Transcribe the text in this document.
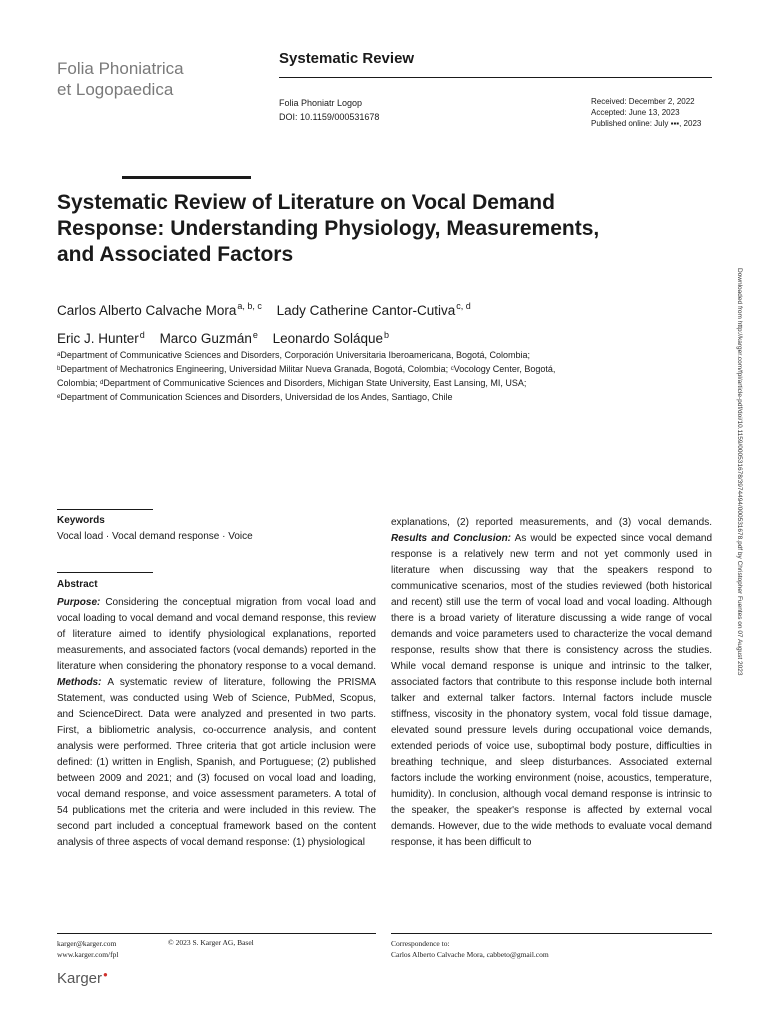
Folia Phoniatrica
et Logopaedica
Systematic Review
Folia Phoniatr Logop
DOI: 10.1159/000531678
Received: December 2, 2022
Accepted: June 13, 2023
Published online: July ▪▪▪, 2023
Systematic Review of Literature on Vocal Demand Response: Understanding Physiology, Measurements, and Associated Factors
Carlos Alberto Calvache Mora$^{a, b, c}$ Lady Catherine Cantor-Cutiva$^{c, d}$
Eric J. Hunter$^d$ Marco Guzmán$^e$ Leonardo Soláque$^b$
ᵃDepartment of Communicative Sciences and Disorders, Corporación Universitaria Iberoamericana, Bogotá, Colombia; ᵇDepartment of Mechatronics Engineering, Universidad Militar Nueva Granada, Bogotá, Colombia; ᶜVocology Center, Bogotá, Colombia; ᵈDepartment of Communicative Sciences and Disorders, Michigan State University, East Lansing, MI, USA; ᵉDepartment of Communication Sciences and Disorders, Universidad de los Andes, Santiago, Chile	Downloaded from http://karger.com/fpl/article-pdf/doi/10.1159/000531678/3974494/000531678.pdf by Christopher Fuentes on 07 August 2023
Keywords
Vocal load · Vocal demand response · Voice
Abstract
Purpose: Considering the conceptual migration from vocal load and vocal loading to vocal demand and vocal demand response, this review of literature aimed to identify physiological explanations, reported measurements, and associated factors (vocal demands) reported in the literature when considering the phonatory response to a vocal demand. Methods: A systematic review of literature, following the PRISMA Statement, was conducted using Web of Science, PubMed, Scopus, and ScienceDirect. Data were analyzed and presented in two parts. First, a bibliometric analysis, co-occurrence analysis, and content analysis were performed. Three criteria that got article inclusion were defined: (1) written in English, Spanish, and Portuguese; (2) published between 2009 and 2021; and (3) focused on vocal load and loading, vocal demand response, and voice assessment parameters. A total of 54 publications met the criteria and were included in this review. The second part included a conceptual framework based on the content analysis of three aspects of vocal demand response: (1) physiological
explanations, (2) reported measurements, and (3) vocal demands. Results and Conclusion: As would be expected since vocal demand response is a relatively new term and not yet commonly used in literature when discussing way that the speakers respond to communicative scenarios, most of the studies reviewed (both historical and recent) still use the term of vocal load and vocal loading. Although there is a broad variety of literature discussing a wide range of vocal demands and voice parameters used to characterize the vocal demand response, results show that there is consistency across the studies. While vocal demand response is unique and intrinsic to the talker, associated factors that contribute to this response include both internal talker and external talker factors. Internal factors include muscle stiffness, viscosity in the phonatory system, vocal fold tissue damage, elevated sound pressure levels during occupational voice demands, extended periods of voice use, suboptimal body posture, difficulties in breathing technique, and sleep disturbances. Associated external factors include the working environment (noise, acoustics, temperature, humidity). In conclusion, although vocal demand response is intrinsic to the speaker, the speaker's response is affected by external vocal demands. However, due to the wide methods to evaluate vocal demand response, it has been difficult to
karger@karger.com
www.karger.com/fpl
© 2023 S. Karger AG, Basel	Correspondence to:
Carlos Alberto Calvache Mora, cabbeto@gmail.com
Karger●
